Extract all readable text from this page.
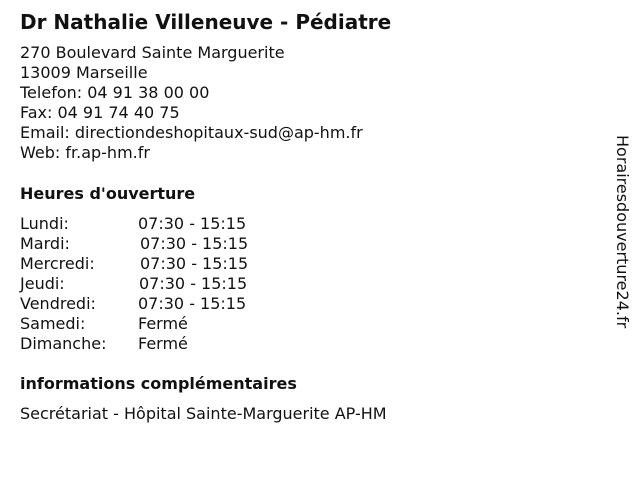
Dr Nathalie Villeneuve - Pédiatre
270 Boulevard Sainte Marguerite
13009 Marseille
Telefon: 04 91 38 00 00
Fax: 04 91 74 40 75
Email: directiondeshopitaux-sud@ap-hm.fr
Web: fr.ap-hm.fr
Heures d'ouverture
Lundi:	07:30 - 15:15
Mardi:	07:30 - 15:15
Mercredi:	07:30 - 15:15
Jeudi:	07:30 - 15:15
Vendredi:	07:30 - 15:15
Samedi:	Fermé
Dimanche: Fermé
informations complémentaires
Secrétariat - Hôpital Sainte-Marguerite AP-HM
Horairesdouverture24.fr
